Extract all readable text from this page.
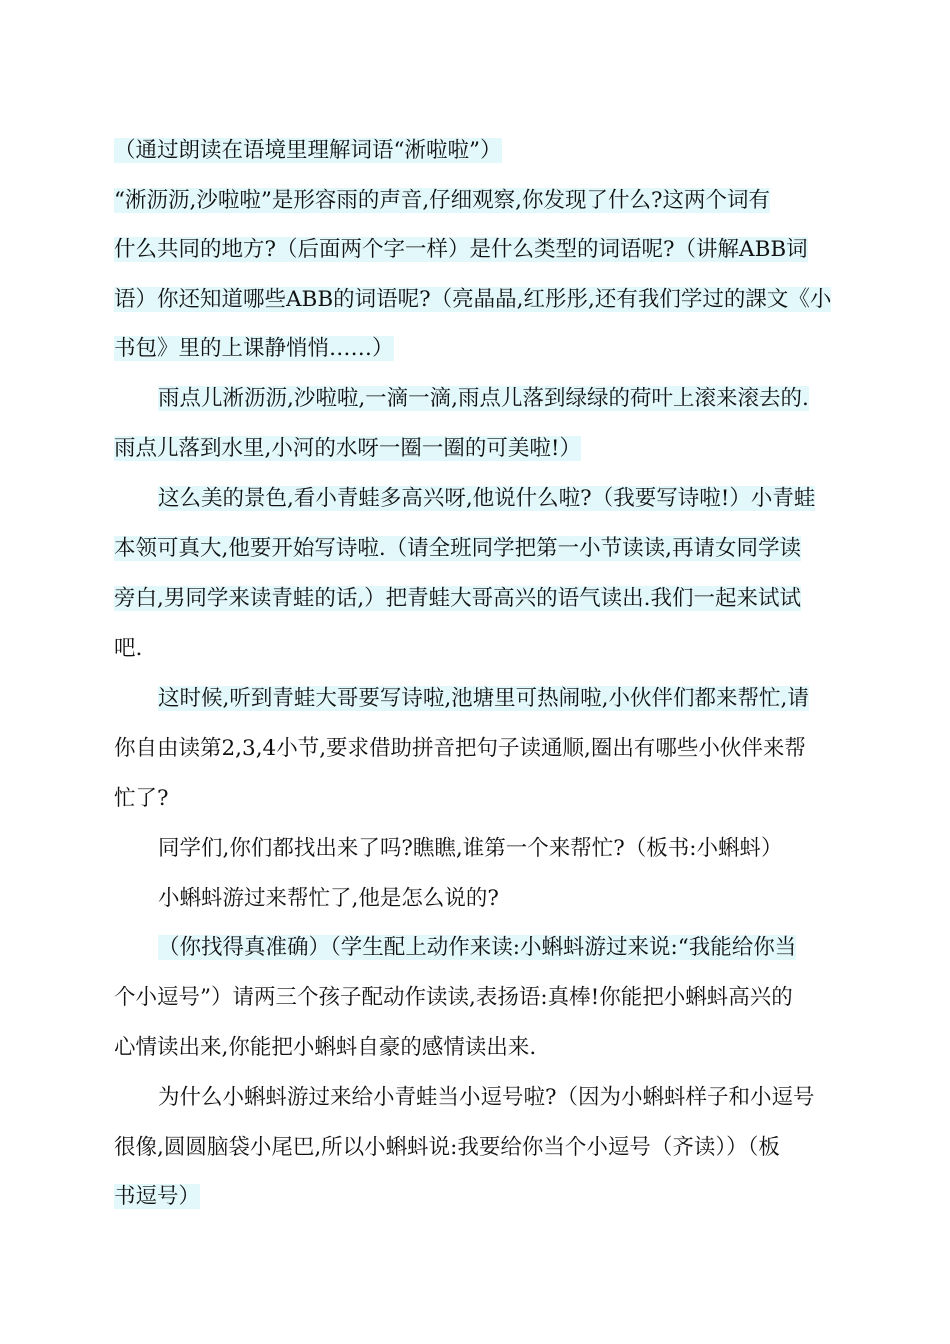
（通过朗读在语境里理解词语“淅啦啦”）
“淅沥沥,沙啦啦”是形容雨的声音,仔细观察,你发现了什么?这两个词有
什么共同的地方?（后面两个字一样）是什么类型的词语呢?（讲解ABB词
语）你还知道哪些ABB的词语呢?（亮晶晶,红彤彤,还有我们学过的課文《小
书包》里的上课静悄悄……）
雨点儿淅沥沥,沙啦啦,一滴一滴,雨点儿落到绿绿的荷叶上滚来滚去的.
雨点儿落到水里,小河的水呀一圈一圈的可美啦!）
这么美的景色,看小青蛙多高兴呀,他说什么啦?（我要写诗啦!）小青蛙
本领可真大,他要开始写诗啦.（请全班同学把第一小节读读,再请女同学读
旁白,男同学来读青蛙的话,）把青蛙大哥高兴的语气读出.我们一起来试试
吧.
这时候,听到青蛙大哥要写诗啦,池塘里可热闹啦,小伙伴们都来帮忙,请
你自由读第2,3,4小节,要求借助拼音把句子读通顺,圈出有哪些小伙伴来帮
忙了?
同学们,你们都找出来了吗?瞧瞧,谁第一个来帮忙?（板书:小蝌蚪）
小蝌蚪游过来帮忙了,他是怎么说的?
（你找得真准确）（学生配上动作来读:小蝌蚪游过来说:“我能给你当
个小逗号”）请两三个孩子配动作读读,表扬语:真棒!你能把小蝌蚪高兴的
心情读出来,你能把小蝌蚪自豪的感情读出来.
为什么小蝌蚪游过来给小青蛙当小逗号啦?（因为小蝌蚪样子和小逗号
很像,圆圆脑袋小尾巴,所以小蝌蚪说:我要给你当个小逗号（齐读））（板
书逗号）
